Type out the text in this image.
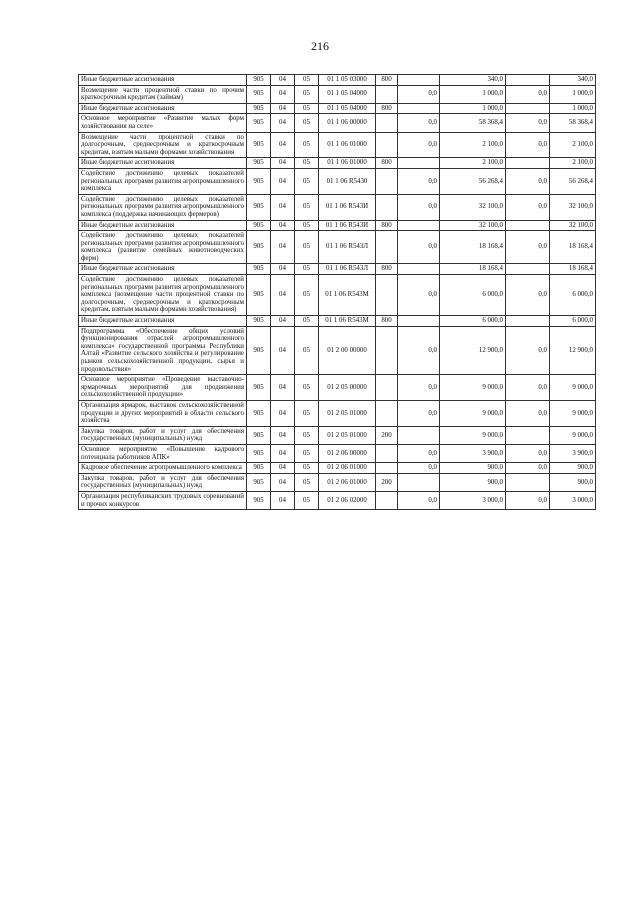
216
Иные бюджетные ассигнования	905	04	05	01 1 05 03000	800		340,0		340,0
Возмещение части процентной ставки по прочим краткосрочным кредитам (займам)	905	04	05	01 1 05 04000		0,0	1 000,0	0,0	1 000,0
Иные бюджетные ассигнования	905	04	05	01 1 05 04000	800		1 000,0		1 000,0
Основное мероприятие «Развитие малых форм хозяйствования на селе»	905	04	05	01 1 06 00000		0,0	58 368,4	0,0	58 368,4
Возмещение части процентной ставки по долгосрочным, среднесрочным и краткосрочным кредитам, взятым малыми формами хозяйствования	905	04	05	01 1 06 01000		0,0	2 100,0	0,0	2 100,0
Иные бюджетные ассигнования	905	04	05	01 1 06 01000	800		2 100,0		2 100,0
Содействие достижению целевых показателей региональных программ развития агропромышленного комплекса	905	04	05	01 1 06 R5430		0,0	56 268,4	0,0	56 268,4
Содействие достижению целевых показателей региональных программ развития агропромышленного комплекса (поддержка начинающих фермеров)	905	04	05	01 1 06 R543И		0,0	32 100,0	0,0	32 100,0
Иные бюджетные ассигнования	905	04	05	01 1 06 R543И	800		32 100,0		32 100,0
Содействие достижению целевых показателей региональных программ развития агропромышленного комплекса (развитие семейных животноводческих ферм)	905	04	05	01 1 06 R543Л		0,0	18 168,4	0,0	18 168,4
Иные бюджетные ассигнования	905	04	05	01 1 06 R543Л	800		18 168,4		18 168,4
Содействие достижению целевых показателей региональных программ развития агропромышленного комплекса (возмещение части процентной ставки по долгосрочным, среднесрочным и краткосрочным кредитам, взятым малыми формами хозяйствования)	905	04	05	01 1 06 R543M		0,0	6 000,0	0,0	6 000,0
Иные бюджетные ассигнования	905	04	05	01 1 06 R543M	800		6 000,0		6 000,0
Подпрограмма «Обеспечение общих условий функционирования отраслей агропромышленного комплекса» государственной программы Республики Алтай «Развитие сельского хозяйства и регулирование рынков сельскохозяйственной продукции, сырья и продовольствия»	905	04	05	01 2 00 00000		0,0	12 900,0	0,0	12 900,0
Основное мероприятие «Проведение выставочно-ярмарочных мероприятий для продвижения сельскохозяйственной продукции»	905	04	05	01 2 05 00000		0,0	9 000,0	0,0	9 000,0
Организация ярмарок, выставок сельскохозяйственной продукции и других мероприятий в области сельского хозяйства	905	04	05	01 2 05 01000		0,0	9 000,0	0,0	9 000,0
Закупка товаров, работ и услуг для обеспечения государственных (муниципальных) нужд	905	04	05	01 2 05 01000	200		9 000,0		9 000,0
Основное мероприятие «Повышение кадрового потенциала работников АПК»	905	04	05	01 2 06 00000		0,0	3 900,0	0,0	3 900,0
Кадровое обеспечение агропромышленного комплекса	905	04	05	01 2 06 01000		0,0	900,0	0,0	900,0
Закупка товаров, работ и услуг для обеспечения государственных (муниципальных) нужд	905	04	05	01 2 06 01000	200		900,0		900,0
Организация республиканских трудовых соревнований и прочих конкурсов	905	04	05	01 2 06 02000		0,0	3 000,0	0,0	3 000,0
